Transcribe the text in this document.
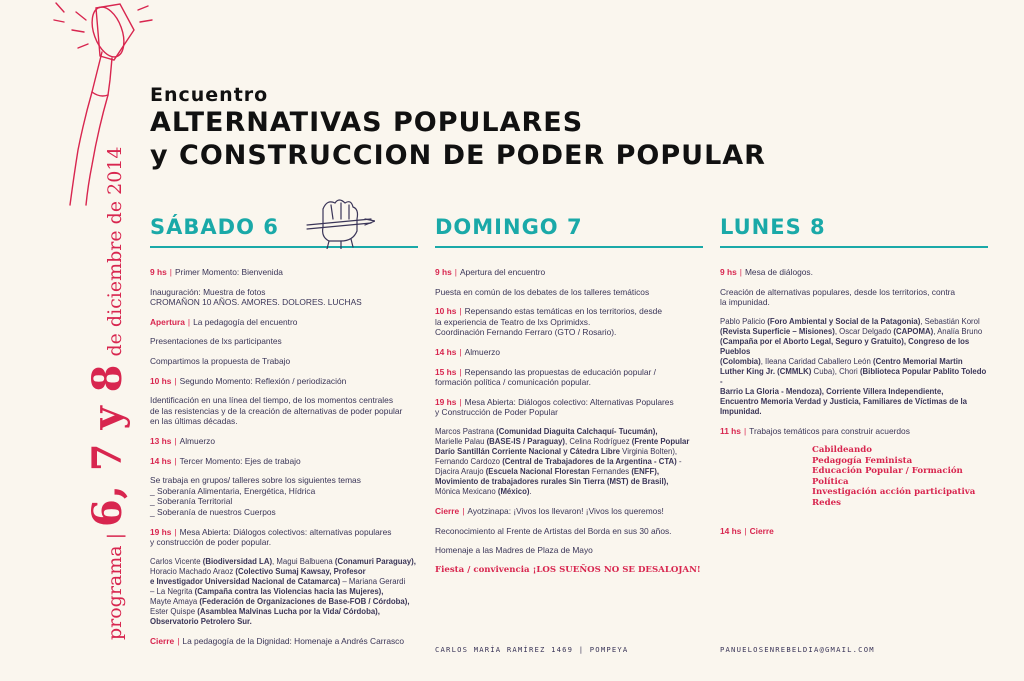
Encuentro
ALTERNATIVAS POPULARES
y CONSTRUCCION DE PODER POPULAR
programa
|
6, 7 y 8
de diciembre de 2014 SÁBADO 6

9 hs | Primer Momento: Bienvenida

Inauguración: Muestra de fotos
CROMAÑON 10 AÑOS. AMORES. DOLORES. LUCHAS

Apertura | La pedagogía del encuentro

Presentaciones de lxs participantes

Compartimos la propuesta de Trabajo

10 hs | Segundo Momento: Reflexión / periodización

Identificación en una línea del tiempo, de los momentos centrales
de las resistencias y de la creación de alternativas de poder popular
en las últimas décadas.

13 hs | Almuerzo

14 hs | Tercer Momento: Ejes de trabajo

Se trabaja en grupos/ talleres sobre los siguientes temas
_ Soberanía Alimentaria, Energética, Hídrica
_ Soberanía Territorial
_ Soberanía de nuestros Cuerpos

19 hs | Mesa Abierta: Diálogos colectivos: alternativas populares
y construcción de poder popular.

Carlos Vicente (Biodiversidad LA), Magui Balbuena (Conamuri Paraguay),
Horacio Machado Araoz (Colectivo Sumaj Kawsay, Profesor
e Investigador Universidad Nacional de Catamarca) – Mariana Gerardi
– La Negrita (Campaña contra las Violencias hacia las Mujeres),
Mayte Amaya (Federación de Organizaciones de Base-FOB / Córdoba),
Ester Quispe (Asamblea Malvinas Lucha por la Vida/ Córdoba),
Observatorio Petrolero Sur.

Cierre | La pedagogía de la Dignidad: Homenaje a Andrés Carrasco

DOMINGO 7

9 hs | Apertura del encuentro

Puesta en común de los debates de los talleres temáticos

10 hs | Repensando estas temáticas en los territorios, desde
la experiencia de Teatro de lxs Oprimidxs.
Coordinación Fernando Ferraro (GTO / Rosario).

14 hs | Almuerzo

15 hs | Repensando las propuestas de educación popular /
formación política / comunicación popular.

19 hs | Mesa Abierta: Diálogos colectivo: Alternativas Populares
y Construcción de Poder Popular

Marcos Pastrana (Comunidad Diaguita Calchaquí- Tucumán),
Marielle Palau (BASE-IS / Paraguay), Celina Rodríguez (Frente Popular
Darío Santillán Corriente Nacional y Cátedra Libre Virginia Bolten),
Fernando Cardozo (Central de Trabajadores de la Argentina - CTA) -
Djacira Araujo (Escuela Nacional Florestan Fernandes (ENFF),
Movimiento de trabajadores rurales Sin Tierra (MST) de Brasil),
Mónica Mexicano (México).

Cierre | Ayotzinapa: ¡Vivos los llevaron! ¡Vivos los queremos!

Reconocimiento al Frente de Artistas del Borda en sus 30 años.

Homenaje a las Madres de Plaza de Mayo

Fiesta / convivencia ¡LOS SUEÑOS NO SE DESALOJAN!

LUNES 8

9 hs | Mesa de diálogos.

Creación de alternativas populares, desde los territorios, contra
la impunidad.

Pablo Palicio (Foro Ambiental y Social de la Patagonia), Sebastián Korol
(Revista Superficie – Misiones), Oscar Delgado (CAPOMA), Analía Bruno
(Campaña por el Aborto Legal, Seguro y Gratuito), Congreso de los Pueblos
(Colombia), Ileana Caridad Caballero León (Centro Memorial Martin
Luther King Jr. (CMMLK) Cuba), Chori (Biblioteca Popular Pablito Toledo -
Barrio La Gloria - Mendoza), Corriente Villera Independiente,
Encuentro Memoria Verdad y Justicia, Familiares de Víctimas de la Impunidad.

11 hs | Trabajos temáticos para construir acuerdos

Cabildeando
Pedagogía Feminista
Educación Popular / Formación Política
Investigación acción participativa
Redes

14 hs | Cierre

CARLOS MARÍA RAMÍREZ 1469 | POMPEYA	PANUELOSENREBELDIA@GMAIL.COM
